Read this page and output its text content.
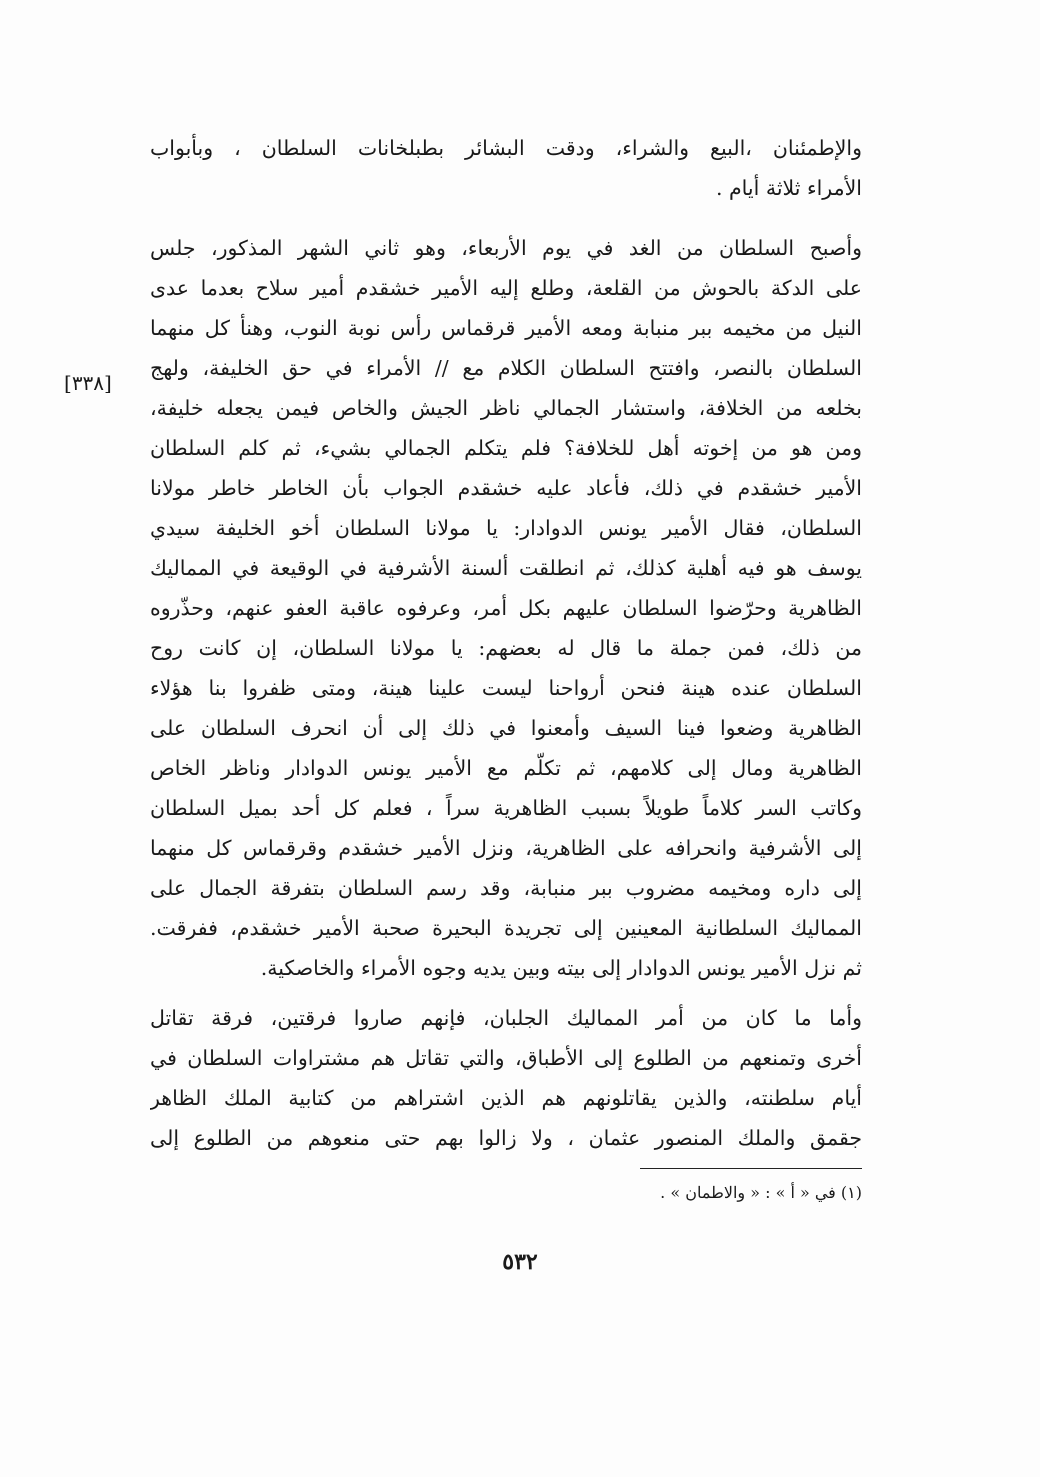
والإطمئنان ،البيع والشراء، ودقت البشائر بطبلخانات السلطان ، وبأبواب
الأمراء ثلاثة أيام .
وأصبح السلطان من الغد في يوم الأربعاء، وهو ثاني الشهر المذكور، جلس
على الدكة بالحوش من القلعة، وطلع إليه الأمير خشقدم أمير سلاح بعدما عدى
النيل من مخيمه ببر منبابة ومعه الأمير قرقماس رأس نوبة النوب، وهنأ كل منهما
السلطان بالنصر، وافتتح السلطان الكلام مع // الأمراء في حق الخليفة، ولهج
بخلعه من الخلافة، واستشار الجمالي ناظر الجيش والخاص فيمن يجعله خليفة،
ومن هو من إخوته أهل للخلافة؟ فلم يتكلم الجمالي بشيء، ثم كلم السلطان
الأمير خشقدم في ذلك، فأعاد عليه خشقدم الجواب بأن الخاطر خاطر مولانا
السلطان، فقال الأمير يونس الدوادار: يا مولانا السلطان أخو الخليفة سيدي
يوسف هو فيه أهلية كذلك، ثم انطلقت ألسنة الأشرفية في الوقيعة في المماليك
الظاهرية وحرّضوا السلطان عليهم بكل أمر، وعرفوه عاقبة العفو عنهم، وحذّروه
من ذلك، فمن جملة ما قال له بعضهم: يا مولانا السلطان، إن كانت روح
السلطان عنده هينة فنحن أرواحنا ليست علينا هينة، ومتى ظفروا بنا هؤلاء
الظاهرية وضعوا فينا السيف وأمعنوا في ذلك إلى أن انحرف السلطان على
الظاهرية ومال إلى كلامهم، ثم تكلّم مع الأمير يونس الدوادار وناظر الخاص
وكاتب السر كلاماً طويلاً بسبب الظاهرية سراً ، فعلم كل أحد بميل السلطان
إلى الأشرفية وانحرافه على الظاهرية، ونزل الأمير خشقدم وقرقماس كل منهما
إلى داره ومخيمه مضروب ببر منبابة، وقد رسم السلطان بتفرقة الجمال على
المماليك السلطانية المعينين إلى تجريدة البحيرة صحبة الأمير خشقدم، ففرقت.
ثم نزل الأمير يونس الدوادار إلى بيته وبين يديه وجوه الأمراء والخاصكية.
[٣٣٨]
وأما ما كان من أمر المماليك الجلبان، فإنهم صاروا فرقتين، فرقة تقاتل
أخرى وتمنعهم من الطلوع إلى الأطباق، والتي تقاتل هم مشتراوات السلطان في
أيام سلطنته، والذين يقاتلونهم هم الذين اشتراهم من كتابية الملك الظاهر
جقمق والملك المنصور عثمان ، ولا زالوا بهم حتى منعوهم من الطلوع إلى
(١) في « أ » : « والاطمان » .
٥٣٢
